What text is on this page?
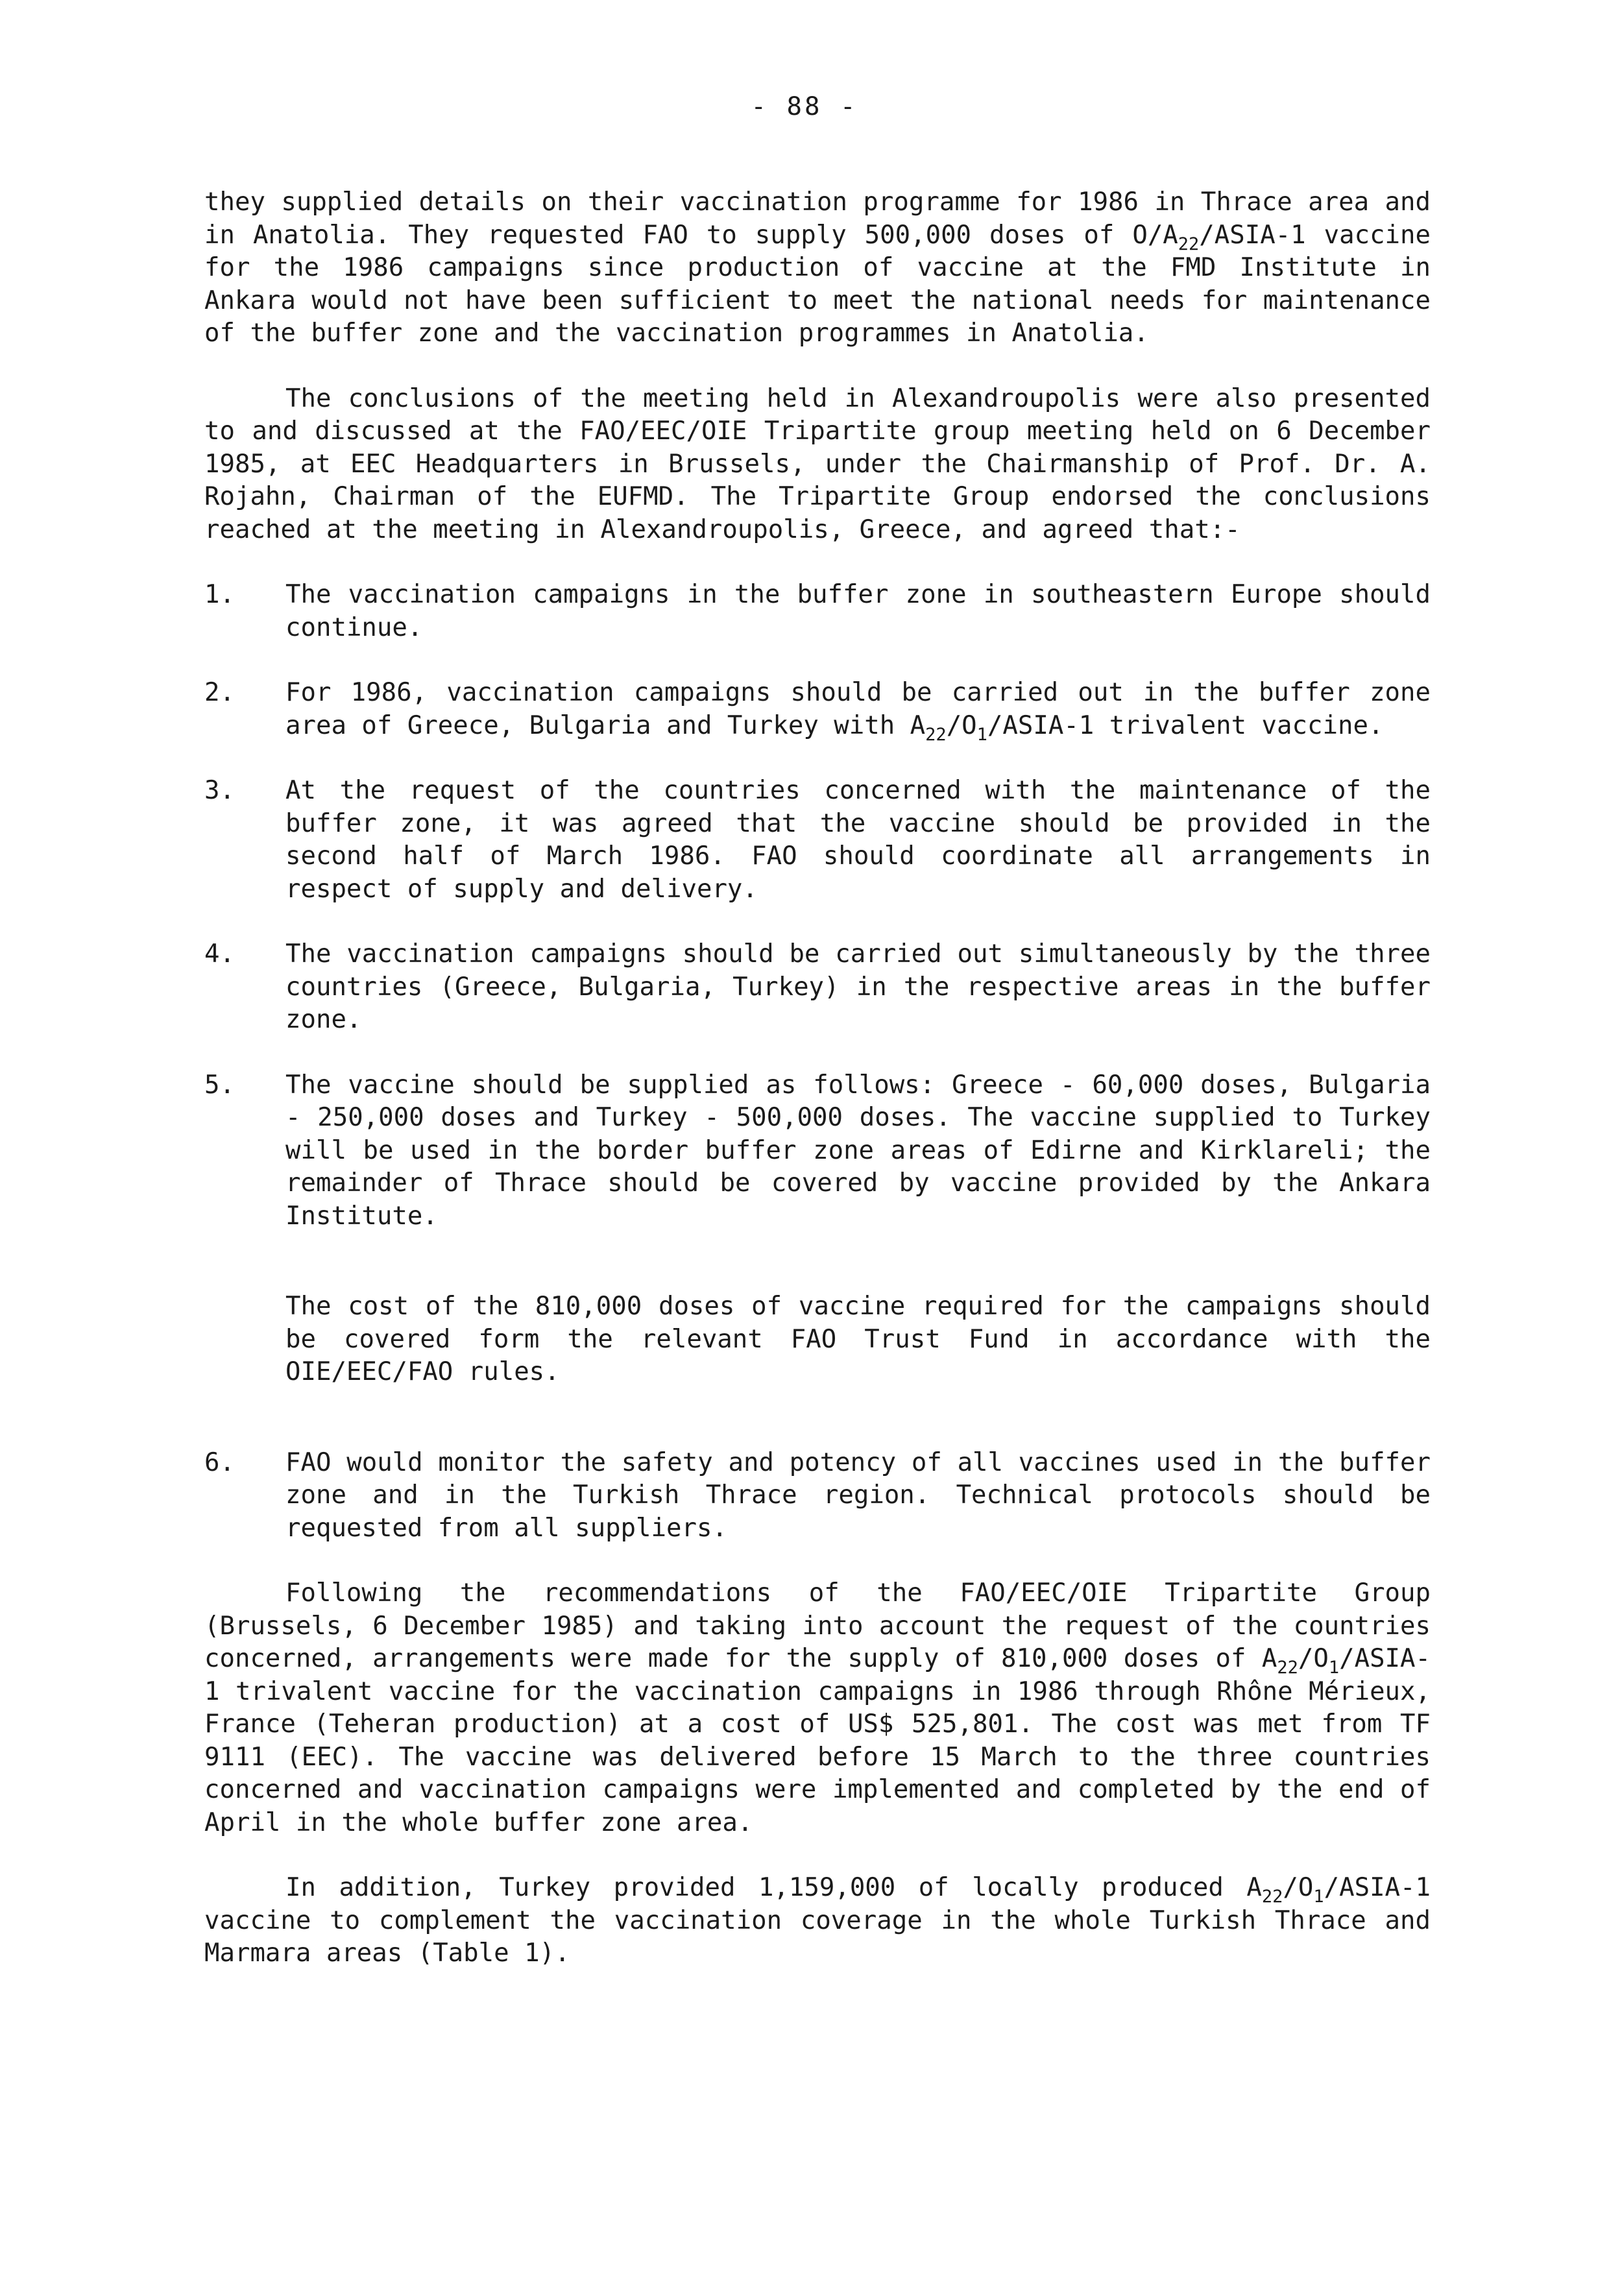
- 88 -

they supplied details on their vaccination programme for 1986 in Thrace area and in Anatolia. They requested FAO to supply 500,000 doses of $O/A_{22}/ASIA-1$ vaccine for the 1986 campaigns since production of vaccine at the FMD Institute in Ankara would not have been sufficient to meet the national needs for maintenance of the buffer zone and the vaccination programmes in Anatolia.

The conclusions of the meeting held in Alexandroupolis were also presented to and discussed at the FAO/EEC/OIE Tripartite group meeting held on 6 December 1985, at EEC Headquarters in Brussels, under the Chairmanship of Prof. Dr. A. Rojahn, Chairman of the EUFMD. The Tripartite Group endorsed the conclusions reached at the meeting in Alexandroupolis, Greece, and agreed that:-

1.	The vaccination campaigns in the buffer zone in southeastern Europe should continue.
2.	For 1986, vaccination campaigns should be carried out in the buffer zone area of Greece, Bulgaria and Turkey with $A_{22}/O_1/ASIA-1$ trivalent vaccine.
3.	At the request of the countries concerned with the maintenance of the buffer zone, it was agreed that the vaccine should be provided in the second half of March 1986. FAO should coordinate all arrangements in respect of supply and delivery.
4.	The vaccination campaigns should be carried out simultaneously by the three countries (Greece, Bulgaria, Turkey) in the respective areas in the buffer zone.
5.	The vaccine should be supplied as follows: Greece - 60,000 doses, Bulgaria - 250,000 doses and Turkey - 500,000 doses. The vaccine supplied to Turkey will be used in the border buffer zone areas of Edirne and Kirklareli; the remainder of Thrace should be covered by vaccine provided by the Ankara Institute.

The cost of the 810,000 doses of vaccine required for the campaigns should be covered form the relevant FAO Trust Fund in accordance with the OIE/EEC/FAO rules.

6.	FAO would monitor the safety and potency of all vaccines used in the buffer zone and in the Turkish Thrace region. Technical protocols should be requested from all suppliers.

Following the recommendations of the FAO/EEC/OIE Tripartite Group (Brussels, 6 December 1985) and taking into account the request of the countries concerned, arrangements were made for the supply of 810,000 doses of $A_{22}/O_1/ASIA-1$ trivalent vaccine for the vaccination campaigns in 1986 through Rhône Mérieux, France (Teheran production) at a cost of US$ 525,801. The cost was met from TF 9111 (EEC). The vaccine was delivered before 15 March to the three countries concerned and vaccination campaigns were implemented and completed by the end of April in the whole buffer zone area.

In addition, Turkey provided 1,159,000 of locally produced $A_{22}/O_1/ASIA-1$ vaccine to complement the vaccination coverage in the whole Turkish Thrace and Marmara areas (Table 1).
